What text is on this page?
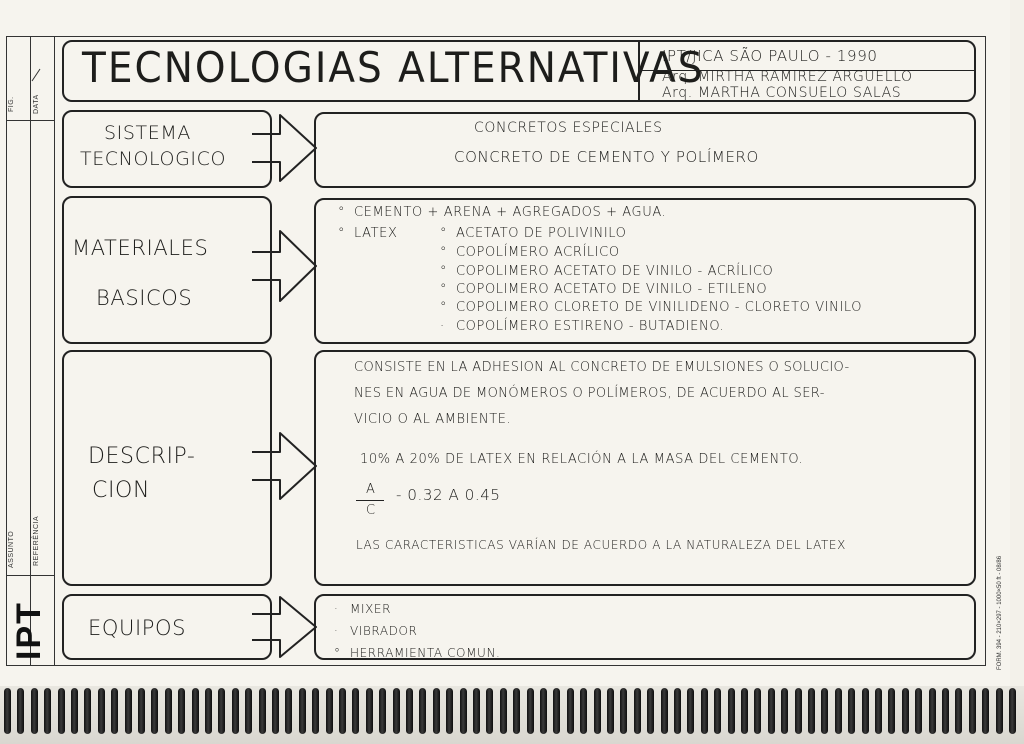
FIG.	DATA
ASSUNTO	REFERÊNCIA
IPT	FORM. 394 - 210×297 - 1000×50 ft - 08/86
TECNOLOGIAS ALTERNATIVAS
IPT/JICA SÃO PAULO - 1990
Arq. MIRTHA RAMIREZ ARGUELLO
Arq. MARTHA CONSUELO SALAS
SISTEMA
TECNOLOGICO
CONCRETOS ESPECIALES
CONCRETO DE CEMENTO Y POLÍMERO
MATERIALES
BASICOS
° CEMENTO + ARENA + AGREGADOS + AGUA.
° LATEX	° ACETATO DE POLIVINILO
° COPOLÍMERO ACRÍLICO
° COPOLIMERO ACETATO DE VINILO - ACRÍLICO
° COPOLIMERO ACETATO DE VINILO - ETILENO
° COPOLIMERO CLORETO DE VINILIDENO - CLORETO VINILO
· COPOLÍMERO ESTIRENO - BUTADIENO.
DESCRIP-
CION
CONSISTE EN LA ADHESION AL CONCRETO DE EMULSIONES O SOLUCIO-
NES EN AGUA DE MONÓMEROS O POLÍMEROS, DE ACUERDO AL SER-
VICIO O AL AMBIENTE.
10% A 20% DE LATEX EN RELACIÓN A LA MASA DEL CEMENTO.
A
C
- 0.32 A 0.45
LAS CARACTERISTICAS VARÍAN DE ACUERDO A LA NATURALEZA DEL LATEX
EQUIPOS
· MIXER
· VIBRADOR
° HERRAMIENTA COMUN.
